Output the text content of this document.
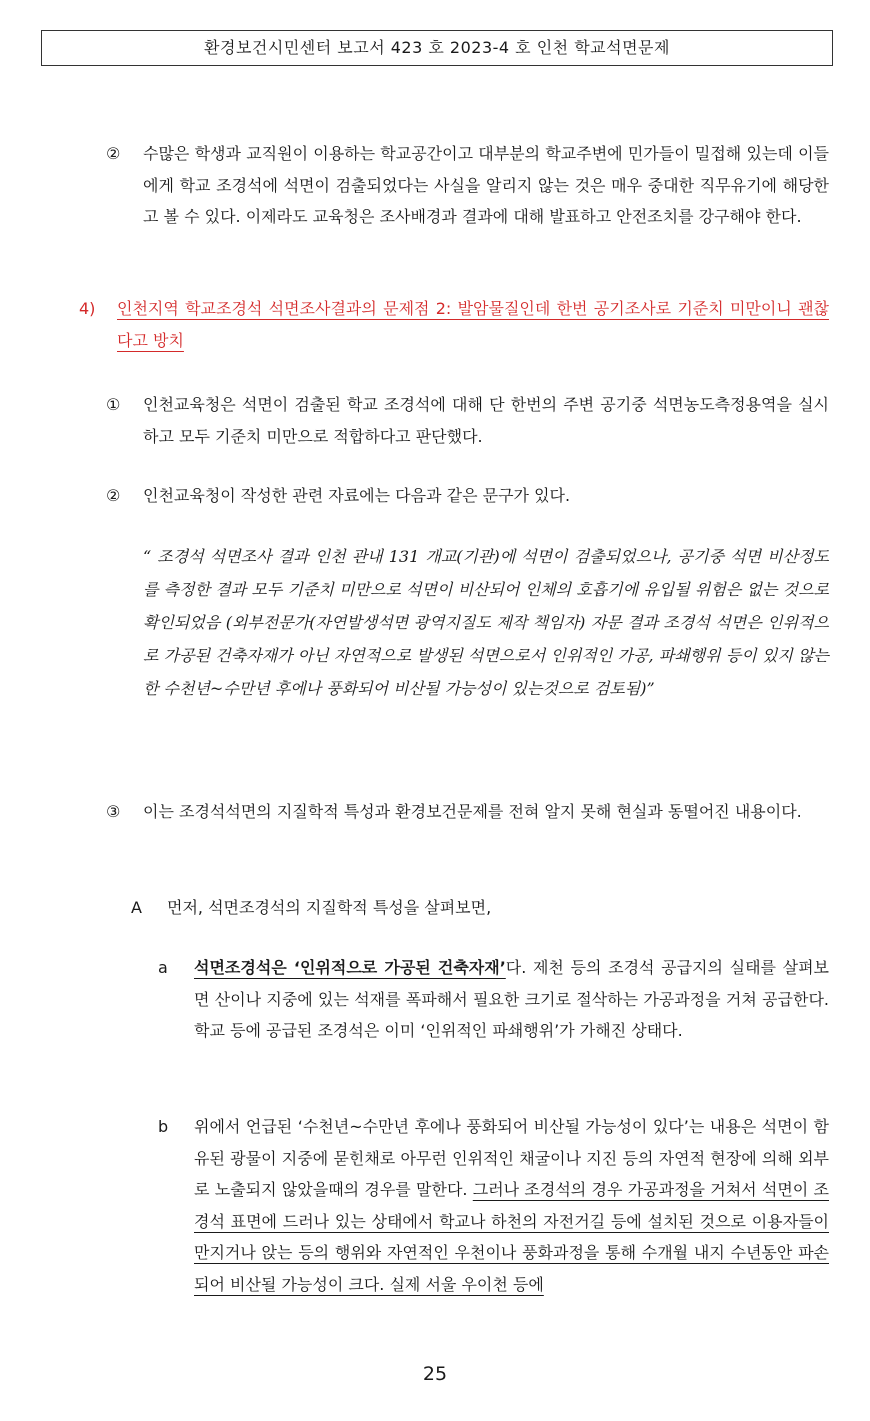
환경보건시민센터 보고서 423 호 2023-4 호 인천 학교석면문제
② 수많은 학생과 교직원이 이용하는 학교공간이고 대부분의 학교주변에 민가들이 밀접해 있는데 이들에게 학교 조경석에 석면이 검출되었다는 사실을 알리지 않는 것은 매우 중대한 직무유기에 해당한고 볼 수 있다. 이제라도 교육청은 조사배경과 결과에 대해 발표하고 안전조치를 강구해야 한다.
4) 인천지역 학교조경석 석면조사결과의 문제점 2: 발암물질인데 한번 공기조사로 기준치 미만이니 괜찮다고 방치
① 인천교육청은 석면이 검출된 학교 조경석에 대해 단 한번의 주변 공기중 석면농도측정용역을 실시하고 모두 기준치 미만으로 적합하다고 판단했다.
② 인천교육청이 작성한 관련 자료에는 다음과 같은 문구가 있다.
“ 조경석 석면조사 결과 인천 관내 131 개교(기관)에 석면이 검출되었으나, 공기중 석면 비산정도를 측정한 결과 모두 기준치 미만으로 석면이 비산되어 인체의 호흡기에 유입될 위험은 없는 것으로 확인되었음 (외부전문가(자연발생석면 광역지질도 제작 책임자) 자문 결과 조경석 석면은 인위적으로 가공된 건축자재가 아닌 자연적으로 발생된 석면으로서 인위적인 가공, 파쇄행위 등이 있지 않는 한 수천년~수만년 후에나 풍화되어 비산될 가능성이 있는것으로 검토됨)”
③ 이는 조경석석면의 지질학적 특성과 환경보건문제를 전혀 알지 못해 현실과 동떨어진 내용이다.
A 먼저, 석면조경석의 지질학적 특성을 살펴보면,
a 석면조경석은 ‘인위적으로 가공된 건축자재’다. 제천 등의 조경석 공급지의 실태를 살펴보면 산이나 지중에 있는 석재를 폭파해서 필요한 크기로 절삭하는 가공과정을 거쳐 공급한다. 학교 등에 공급된 조경석은 이미 ‘인위적인 파쇄행위’가 가해진 상태다.
b 위에서 언급된 ‘수천년~수만년 후에나 풍화되어 비산될 가능성이 있다’는 내용은 석면이 함유된 광물이 지중에 묻힌채로 아무런 인위적인 채굴이나 지진 등의 자연적 현장에 의해 외부로 노출되지 않았을때의 경우를 말한다. 그러나 조경석의 경우 가공과정을 거쳐서 석면이 조경석 표면에 드러나 있는 상태에서 학교나 하천의 자전거길 등에 설치된 것으로 이용자들이 만지거나 앉는 등의 행위와 자연적인 우천이나 풍화과정을 통해 수개월 내지 수년동안 파손되어 비산될 가능성이 크다. 실제 서울 우이천 등에
25
